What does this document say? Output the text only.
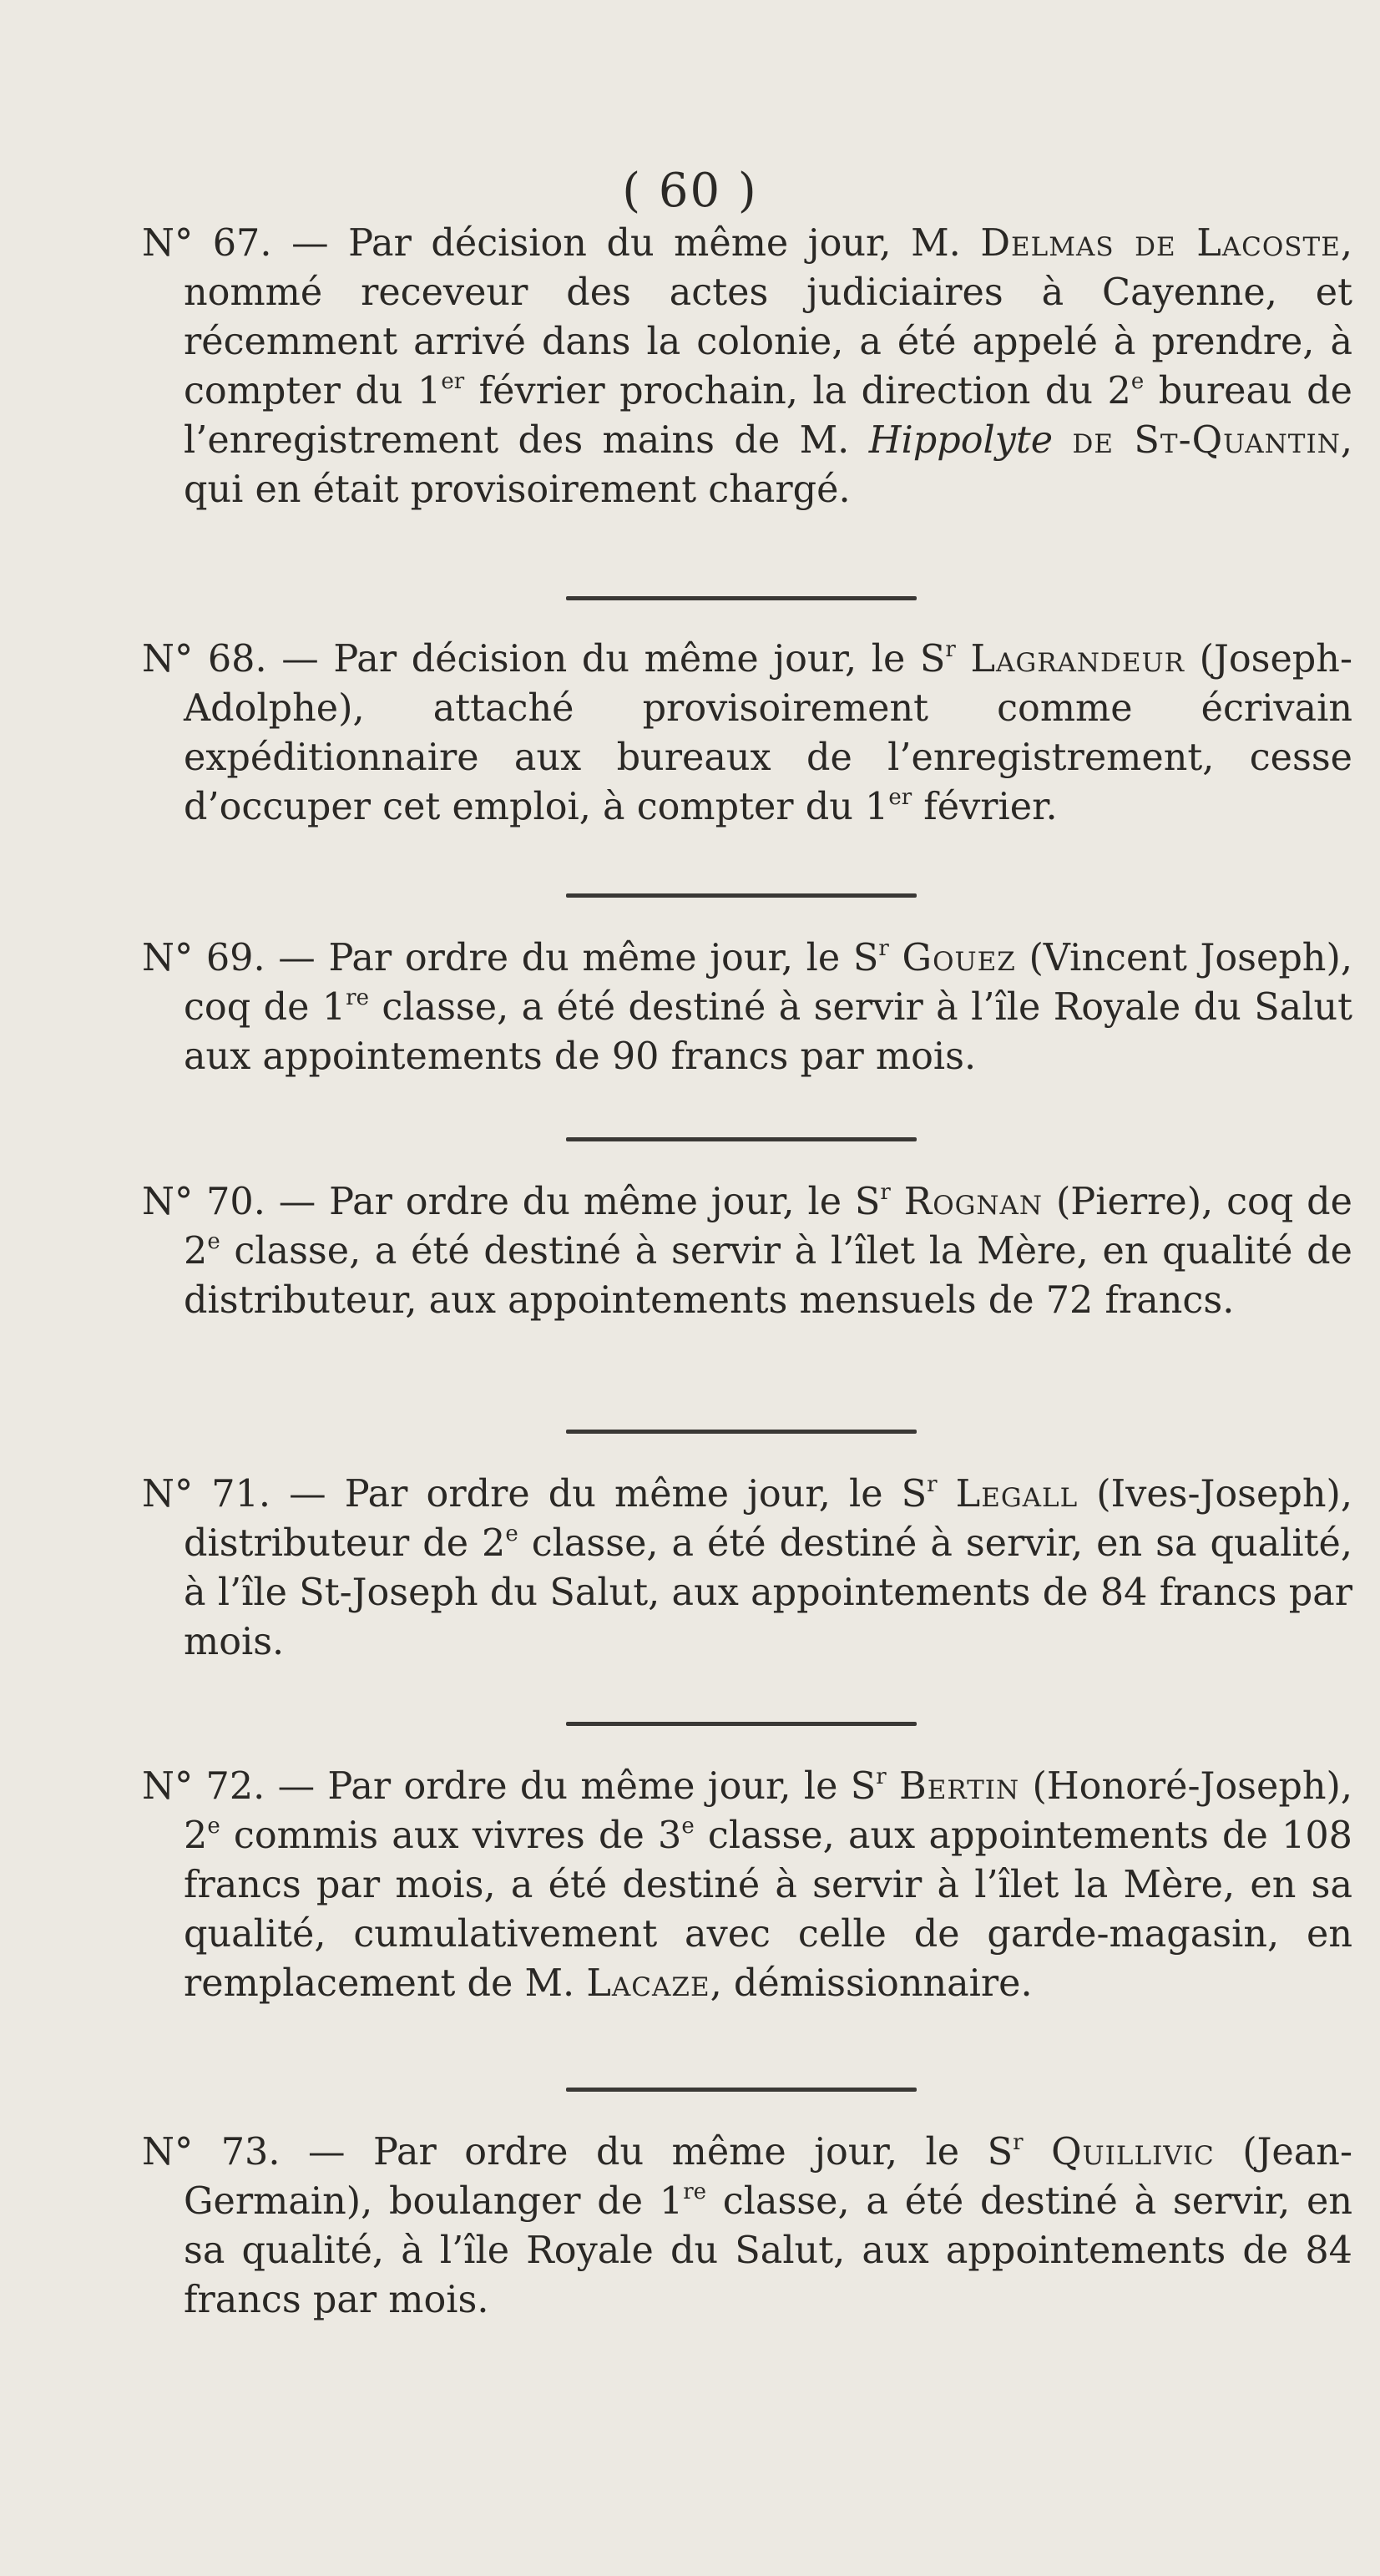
( 60 )

N° 67. — Par décision du même jour, M. Delmas de Lacoste, nommé receveur des actes judiciaires à Cayenne, et récemment arrivé dans la colonie, a été appelé à prendre, à compter du 1er février prochain, la direction du 2e bureau de l’enregistrement des mains de M. Hippolyte de St-Quantin, qui en était provisoirement chargé.

N° 68. — Par décision du même jour, le $S^r$ Lagrandeur (Joseph-Adolphe), attaché provisoirement comme écrivain expéditionnaire aux bureaux de l’enregistrement, cesse d’occuper cet emploi, à compter du 1er février.

N° 69. — Par ordre du même jour, le $S^r$ Gouez (Vincent Joseph), coq de 1re classe, a été destiné à servir à l’île Royale du Salut aux appointements de 90 francs par mois.

N° 70. — Par ordre du même jour, le $S^r$ Rognan (Pierre), coq de 2e classe, a été destiné à servir à l’îlet la Mère, en qualité de distributeur, aux appointements mensuels de 72 francs.

N° 71. — Par ordre du même jour, le $S^r$ Legall (Ives-Joseph), distributeur de 2e classe, a été destiné à servir, en sa qualité, à l’île St-Joseph du Salut, aux appointements de 84 francs par mois.

N° 72. — Par ordre du même jour, le $S^r$ Bertin (Honoré-Joseph), 2e commis aux vivres de 3e classe, aux appointements de 108 francs par mois, a été destiné à servir à l’îlet la Mère, en sa qualité, cumulativement avec celle de garde-magasin, en remplacement de M. Lacaze, démissionnaire.

N° 73. — Par ordre du même jour, le $S^r$ Quillivic (Jean-Germain), boulanger de 1re classe, a été destiné à servir, en sa qualité, à l’île Royale du Salut, aux appointements de 84 francs par mois.
